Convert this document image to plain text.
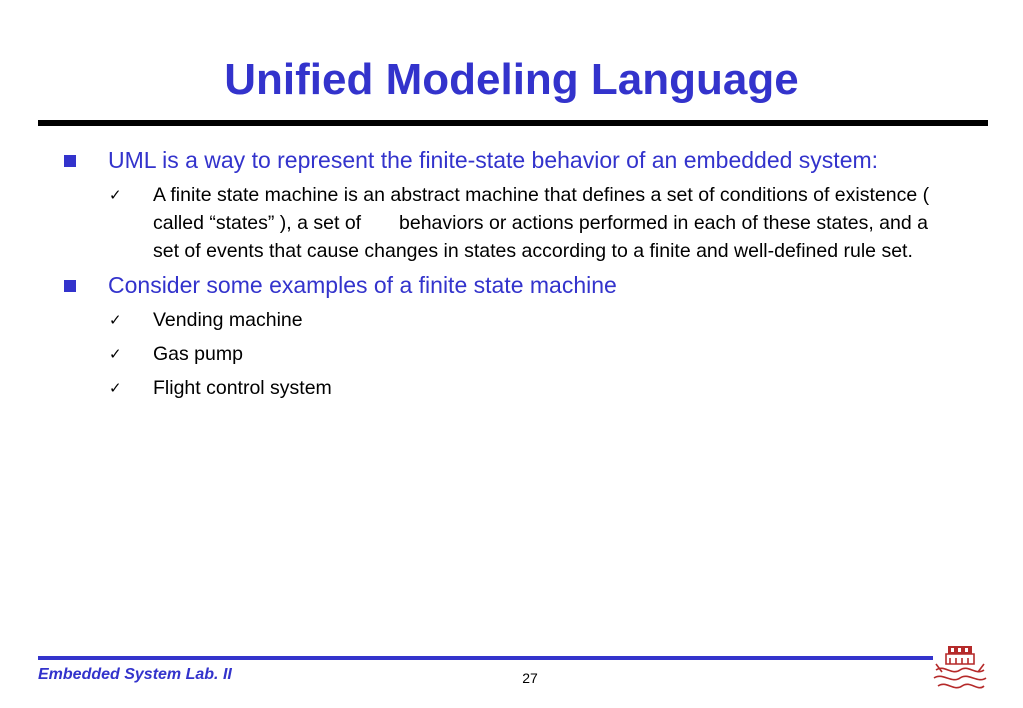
Unified Modeling Language
UML is a way to represent the finite-state behavior of an embedded system:
✓ A finite state machine is an abstract machine that defines a set of conditions of existence ( called “states” ), a set of       behaviors or actions performed in each of these states, and a set of events that cause changes in states according to a finite and well-defined rule set.
Consider some examples of a finite state machine
✓ Vending machine
✓ Gas pump
✓ Flight control system
Embedded System Lab. II	27
